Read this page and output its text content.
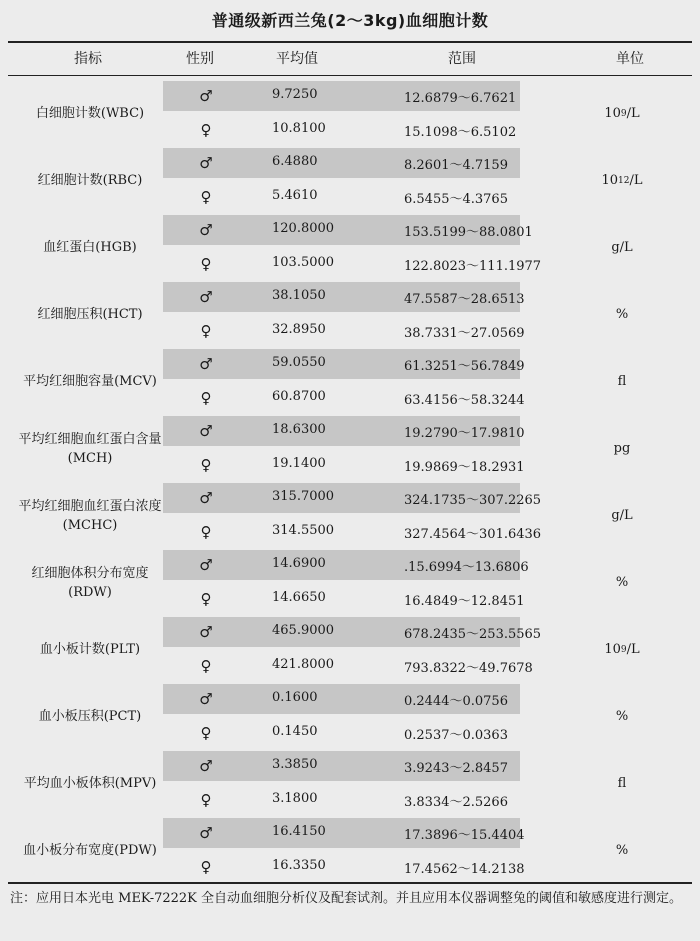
普通级新西兰兔(2～3kg)血细胞计数
指标	性别	平均值	范围	单位
白细胞计数(WBC)
♂	9.7250	12.6879～6.7621
♀	10.8100	15.1098～6.5102
10 9 /L
红细胞计数(RBC)
♂	6.4880	8.2601～4.7159
♀	5.4610	6.5455～4.3765
10 12 /L
血红蛋白(HGB)
♂	120.8000	153.5199～88.0801
♀	103.5000	122.8023～111.1977
g/L
红细胞压积(HCT)
♂	38.1050	47.5587～28.6513
♀	32.8950	38.7331～27.0569
%
平均红细胞容量(MCV)
♂	59.0550	61.3251～56.7849
♀	60.8700	63.4156～58.3244
fl
平均红细胞血红蛋白含量(MCH)
♂	18.6300	19.2790～17.9810
♀	19.1400	19.9869～18.2931
pg
平均红细胞血红蛋白浓度(MCHC)
♂	315.7000	324.1735～307.2265
♀	314.5500	327.4564～301.6436
g/L
红细胞体积分布宽度(RDW)
♂	14.6900	.15.6994～13.6806
♀	14.6650	16.4849～12.8451
%
血小板计数(PLT)
♂	465.9000	678.2435～253.5565
♀	421.8000	793.8322～49.7678
10 9 /L
血小板压积(PCT)
♂	0.1600	0.2444～0.0756
♀	0.1450	0.2537～0.0363
%
平均血小板体积(MPV)
♂	3.3850	3.9243～2.8457
♀	3.1800	3.8334～2.5266
fl
血小板分布宽度(PDW)
♂	16.4150	17.3896～15.4404
♀	16.3350	17.4562～14.2138
%
注：应用日本光电 MEK-7222K 全自动血细胞分析仪及配套试剂。并且应用本仪器调整兔的阈值和敏感度进行测定。
